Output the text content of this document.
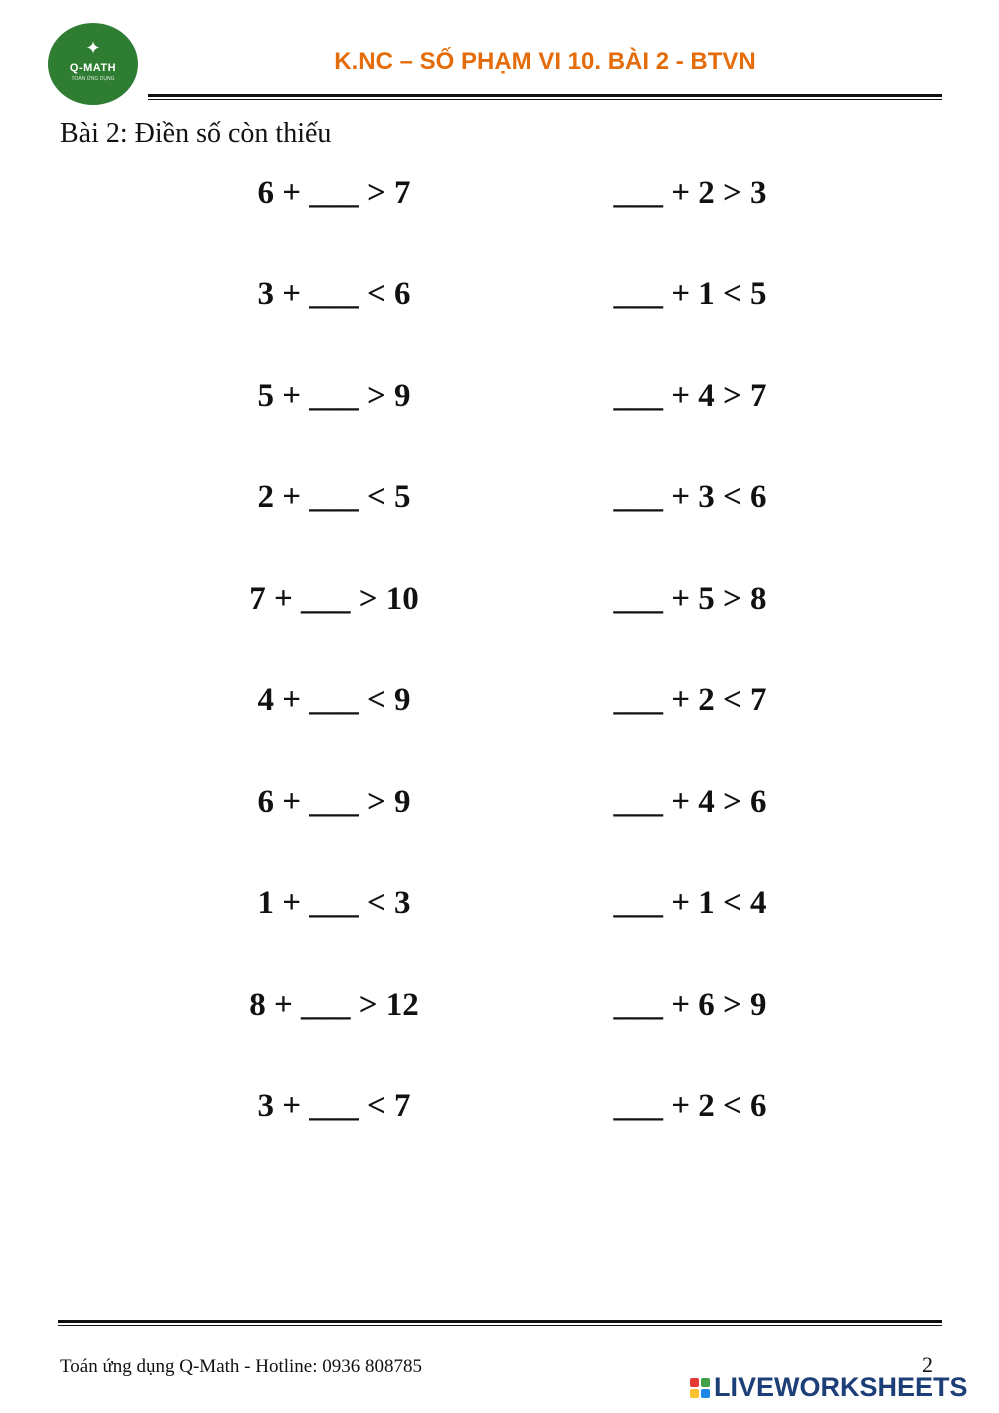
✦
Q-MATH
TOÁN ỨNG DỤNG
K.NC – SỐ PHẠM VI 10. BÀI 2 - BTVN
Bài 2: Điền số còn thiếu
6 + ___ > 7	___ + 2 > 3
3 + ___ < 6	___ + 1 < 5
5 + ___ > 9	___ + 4 > 7
2 + ___ < 5	___ + 3 < 6
7 + ___ > 10	___ + 5 > 8
4 + ___ < 9	___ + 2 < 7
6 + ___ > 9	___ + 4 > 6
1 + ___ < 3	___ + 1 < 4
8 + ___ > 12	___ + 6 > 9
3 + ___ < 7	___ + 2 < 6
Toán ứng dụng Q-Math - Hotline: 0936 808785	2
LIVEWORKSHEETS
